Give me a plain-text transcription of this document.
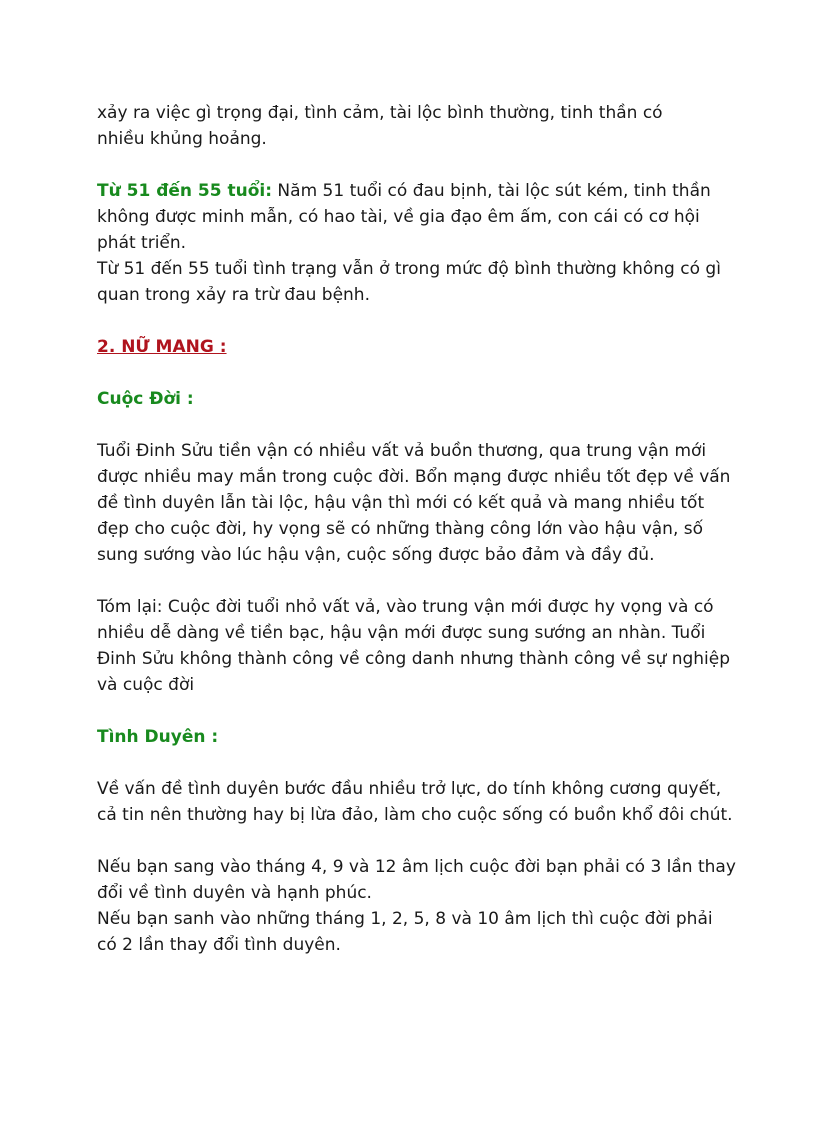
xảy ra việc gì trọng đại, tình cảm, tài lộc bình thường, tinh thần có
nhiều khủng hoảng.

Từ 51 đến 55 tuổi: Năm 51 tuổi có đau bịnh, tài lộc sút kém, tinh thần không được minh mẫn, có hao tài, về gia đạo êm ấm, con cái có cơ hội phát triển.

Từ 51 đến 55 tuổi tình trạng vẫn ở trong mức độ bình thường không có gì quan trong xảy ra trừ đau bệnh.

2. NỮ MANG :

Cuộc Đời :

Tuổi Đinh Sửu tiền vận có nhiều vất vả buồn thương, qua trung vận mới được nhiều may mắn trong cuộc đời. Bổn mạng được nhiều tốt đẹp về vấn đề tình duyên lẫn tài lộc, hậu vận thì mới có kết quả và mang nhiều tốt đẹp cho cuộc đời, hy vọng sẽ có những thàng công lớn vào hậu vận, số sung sướng vào lúc hậu vận, cuộc sống được bảo đảm và đầy đủ.

Tóm lại: Cuộc đời tuổi nhỏ vất vả, vào trung vận mới được hy vọng và có nhiều dễ dàng về tiền bạc, hậu vận mới được sung sướng an nhàn. Tuổi Đinh Sửu không thành công về công danh nhưng thành công về sự nghiệp và cuộc đời

Tình Duyên :

Về vấn đề tình duyên bước đầu nhiều trở lực, do tính không cương quyết, cả tin nên thường hay bị lừa đảo, làm cho cuộc sống có buồn khổ đôi chút.

Nếu bạn sang vào tháng 4, 9 và 12 âm lịch cuộc đời bạn phải có 3 lần thay đổi về tình duyên và hạnh phúc.

Nếu bạn sanh vào những tháng 1, 2, 5, 8 và 10 âm lịch thì cuộc đời phải có 2 lần thay đổi tình duyên.
